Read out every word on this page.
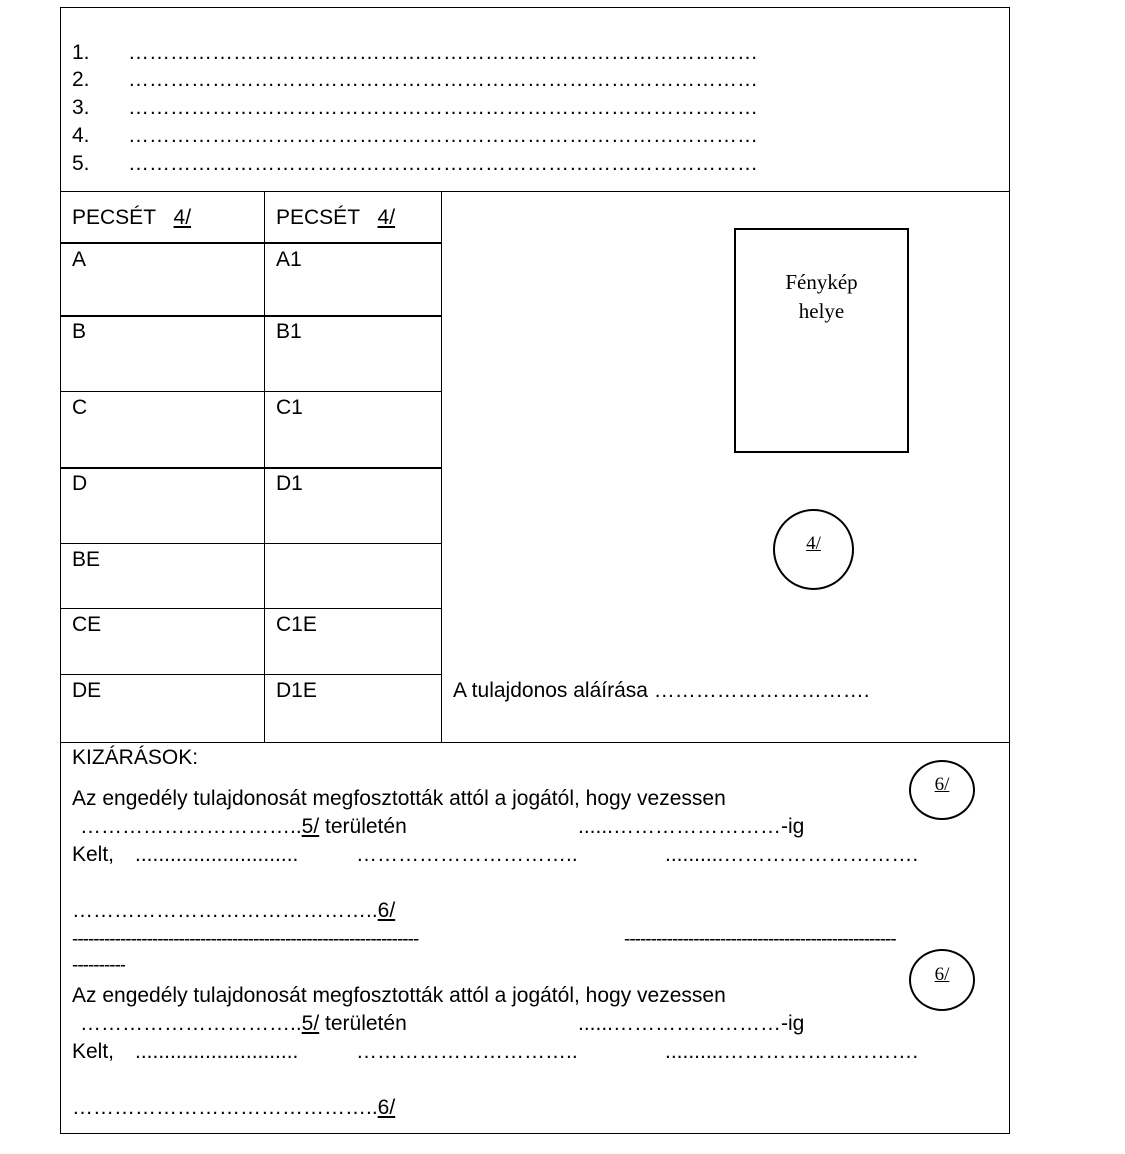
1. ………………………………………………………………………………
2. ………………………………………………………………………………
3. ………………………………………………………………………………
4. ………………………………………………………………………………
5. ………………………………………………………………………………
PECSÉT 4/	PECSÉT 4/
A	A1
B	B1
C	C1
D	D1
BE
CE	C1E
DE	D1E
Fénykép
helye
4/
A tulajdonos aláírása ………………………….
KIZÁRÁSOK:
6/
Az engedély tulajdonosát megfosztották attól a jogától, hogy vezessen
…………………………..5/ területén	......……………………-ig
Kelt, ............................	…………………………..	..........……………………….
……………………………………..6/
-----------------------------------------------------------------	---------------------------------------------------
----------	6/
Az engedély tulajdonosát megfosztották attól a jogától, hogy vezessen
…………………………..5/ területén	......……………………-ig
Kelt, ............................	…………………………..	..........……………………….
……………………………………..6/
